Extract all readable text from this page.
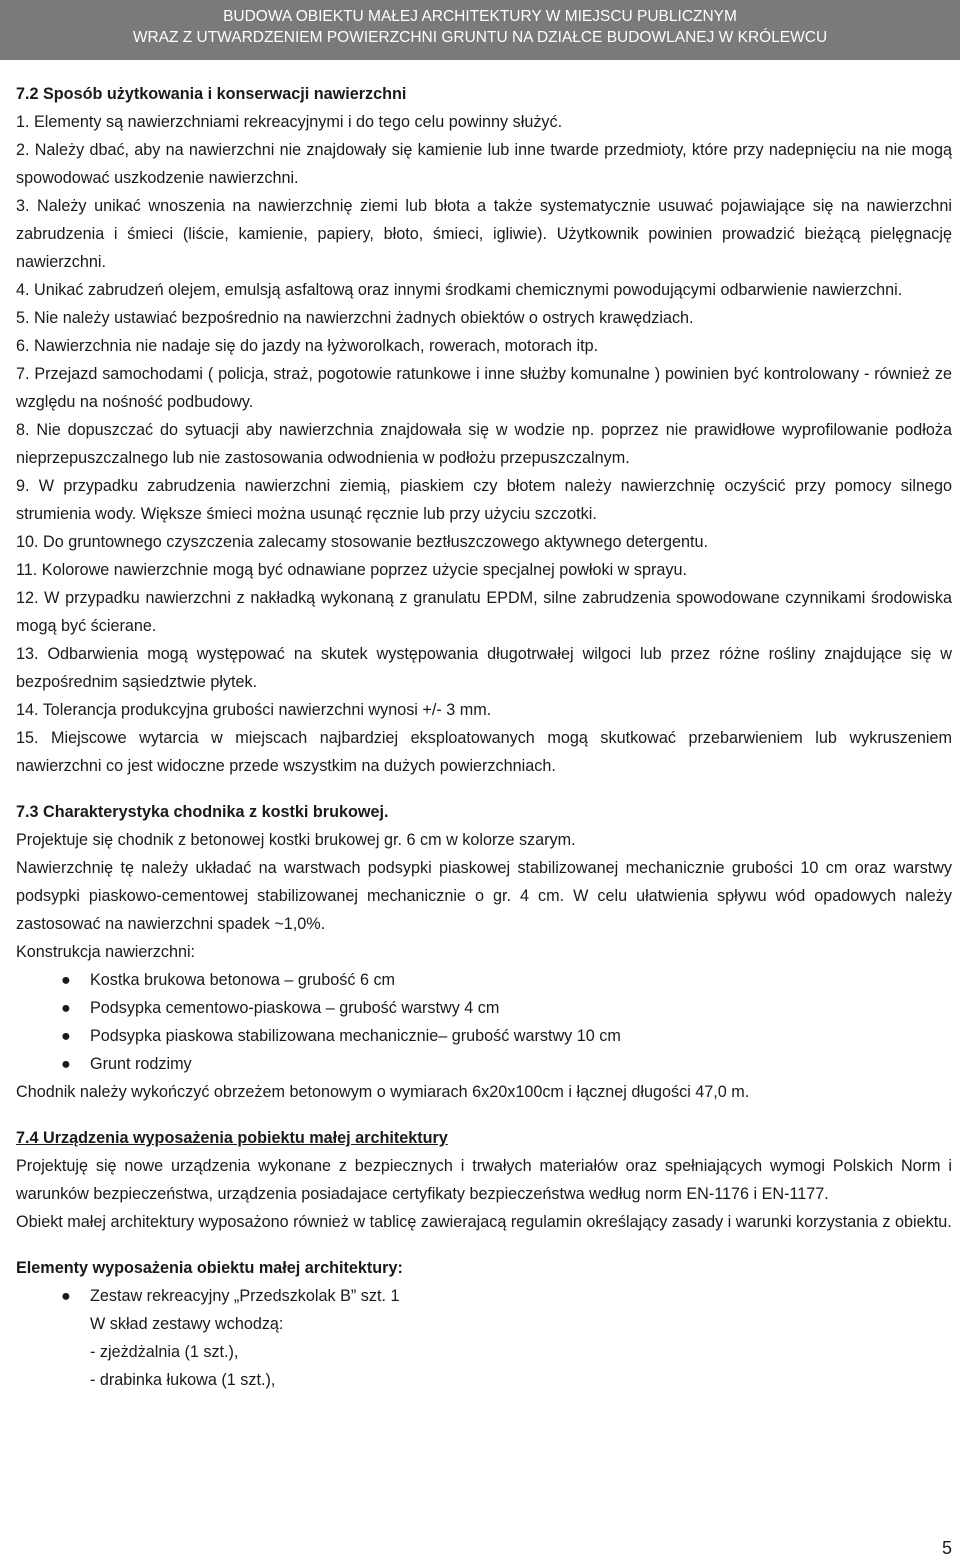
BUDOWA OBIEKTU MAŁEJ ARCHITEKTURY W MIEJSCU PUBLICZNYM
WRAZ Z UTWARDZENIEM POWIERZCHNI GRUNTU NA DZIAŁCE BUDOWLANEJ W KRÓLEWCU

7.2 Sposób użytkowania i konserwacji nawierzchni

1. Elementy są nawierzchniami rekreacyjnymi i do tego celu powinny służyć.

2. Należy dbać, aby na nawierzchni nie znajdowały się kamienie lub inne twarde przedmioty, które przy nadepnięciu na nie mogą spowodować uszkodzenie nawierzchni.

3. Należy unikać wnoszenia na nawierzchnię ziemi lub błota a także systematycznie usuwać pojawiające się na nawierzchni zabrudzenia i śmieci (liście, kamienie, papiery, błoto, śmieci, igliwie). Użytkownik powinien prowadzić bieżącą pielęgnację nawierzchni.

4. Unikać zabrudzeń olejem, emulsją asfaltową oraz innymi środkami chemicznymi powodującymi odbarwienie nawierzchni.

5. Nie należy ustawiać bezpośrednio na nawierzchni żadnych obiektów o ostrych krawędziach.

6. Nawierzchnia nie nadaje się do jazdy na łyżworolkach, rowerach, motorach itp.

7. Przejazd samochodami ( policja, straż, pogotowie ratunkowe i inne służby komunalne ) powinien być kontrolowany - również ze względu na nośność podbudowy.

8. Nie dopuszczać do sytuacji aby nawierzchnia znajdowała się w wodzie np. poprzez nie prawidłowe wyprofilowanie podłoża nieprzepuszczalnego lub nie zastosowania odwodnienia w podłożu przepuszczalnym.

9. W przypadku zabrudzenia nawierzchni ziemią, piaskiem czy błotem należy nawierzchnię oczyścić przy pomocy silnego strumienia wody. Większe śmieci można usunąć ręcznie lub przy użyciu szczotki.

10. Do gruntownego czyszczenia zalecamy stosowanie beztłuszczowego aktywnego detergentu.

11. Kolorowe nawierzchnie mogą być odnawiane poprzez użycie specjalnej powłoki w sprayu.

12. W przypadku nawierzchni z nakładką wykonaną z granulatu EPDM, silne zabrudzenia spowodowane czynnikami środowiska mogą być ścierane.

13. Odbarwienia mogą występować na skutek występowania długotrwałej wilgoci lub przez różne rośliny znajdujące się w bezpośrednim sąsiedztwie płytek.

14. Tolerancja produkcyjna grubości nawierzchni wynosi +/- 3 mm.

15. Miejscowe wytarcia w miejscach najbardziej eksploatowanych mogą skutkować przebarwieniem lub wykruszeniem nawierzchni co jest widoczne przede wszystkim na dużych powierzchniach.

7.3 Charakterystyka chodnika z kostki brukowej.

Projektuje się chodnik z betonowej kostki brukowej gr. 6 cm w kolorze szarym.

Nawierzchnię tę należy układać na warstwach podsypki piaskowej stabilizowanej mechanicznie grubości 10 cm oraz warstwy podsypki piaskowo-cementowej stabilizowanej mechanicznie o gr. 4 cm. W celu ułatwienia spływu wód opadowych należy zastosować na nawierzchni spadek ~1,0%.

Konstrukcja nawierzchni:

● Kostka brukowa betonowa – grubość 6 cm
● Podsypka cementowo-piaskowa – grubość warstwy 4 cm
● Podsypka piaskowa stabilizowana mechanicznie– grubość warstwy 10 cm
● Grunt rodzimy

Chodnik należy wykończyć obrzeżem betonowym o wymiarach 6x20x100cm i łącznej długości 47,0 m.

7.4 Urządzenia wyposażenia pobiektu małej architektury

Projektuję się nowe urządzenia wykonane z bezpiecznych i trwałych materiałów oraz spełniających wymogi Polskich Norm i warunków bezpieczeństwa, urządzenia posiadajace certyfikaty bezpieczeństwa według norm EN-1176 i EN-1177.

Obiekt małej architektury wyposażono również w tablicę zawierajacą regulamin określający zasady i warunki korzystania z obiektu.

Elementy wyposażenia obiektu małej architektury:

● Zestaw rekreacyjny „Przedszkolak B” szt. 1

W skład zestawy wchodzą:

- zjeżdżalnia (1 szt.),

- drabinka łukowa (1 szt.),

5
